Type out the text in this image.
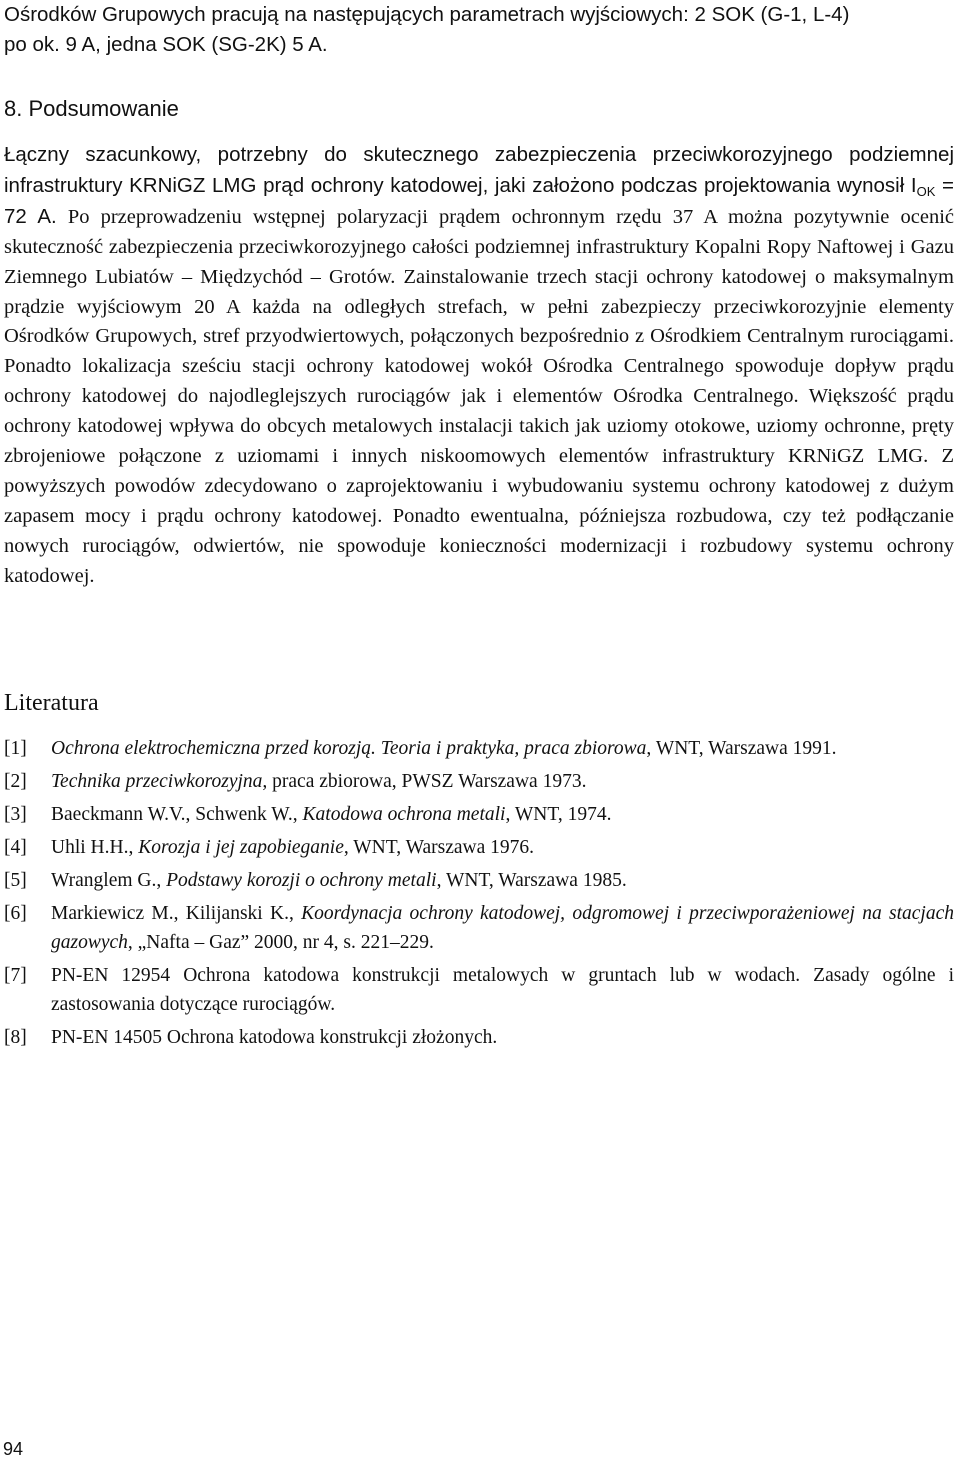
Ośrodków Grupowych pracują na następujących parametrach wyjściowych: 2 SOK (G-1, L-4)
po ok. 9 A, jedna SOK (SG-2K) 5 A.

8. Podsumowanie

Łączny szacunkowy, potrzebny do skutecznego zabezpieczenia przeciwkorozyjnego podziemnej infrastruktury KRNiGZ LMG prąd ochrony katodowej, jaki założono podczas projektowania wynosił $I_{OK} = 72$ A. Po przeprowadzeniu wstępnej polaryzacji prądem ochronnym rzędu 37 A można pozytywnie ocenić skuteczność zabezpieczenia przeciwkorozyjnego całości podziemnej infrastruktury Kopalni Ropy Naftowej i Gazu Ziemnego Lubiatów – Międzychód – Grotów. Zainstalowanie trzech stacji ochrony katodowej o maksymalnym prądzie wyjściowym 20 A każda na odległych strefach, w pełni zabezpieczy przeciwkorozyjnie elementy Ośrodków Grupowych, stref przyodwiertowych, połączonych bezpośrednio z Ośrodkiem Centralnym rurociągami. Ponadto lokalizacja sześciu stacji ochrony katodowej wokół Ośrodka Centralnego spowoduje dopływ prądu ochrony katodowej do najodleglejszych rurociągów jak i elementów Ośrodka Centralnego. Większość prądu ochrony katodowej wpływa do obcych metalowych instalacji takich jak uziomy otokowe, uziomy ochronne, pręty zbrojeniowe połączone z uziomami i innych niskoomowych elementów infrastruktury KRNiGZ LMG. Z powyższych powodów zdecydowano o zaprojektowaniu i wybudowaniu systemu ochrony katodowej z dużym zapasem mocy i prądu ochrony katodowej. Ponadto ewentualna, późniejsza rozbudowa, czy też podłączanie nowych rurociągów, odwiertów, nie spowoduje konieczności modernizacji i rozbudowy systemu ochrony katodowej.

Literatura
[1] Ochrona elektrochemiczna przed korozją. Teoria i praktyka, praca zbiorowa, WNT, Warszawa 1991.
[2] Technika przeciwkorozyjna, praca zbiorowa, PWSZ Warszawa 1973.
[3] Baeckmann W.V., Schwenk W., Katodowa ochrona metali, WNT, 1974.
[4] Uhli H.H., Korozja i jej zapobieganie, WNT, Warszawa 1976.
[5] Wranglem G., Podstawy korozji o ochrony metali, WNT, Warszawa 1985.
[6] Markiewicz M., Kilijanski K., Koordynacja ochrony katodowej, odgromowej i przeciwporażeniowej na stacjach gazowych, „Nafta – Gaz” 2000, nr 4, s. 221–229.
[7] PN-EN 12954 Ochrona katodowa konstrukcji metalowych w gruntach lub w wodach. Zasady ogólne i zastosowania dotyczące rurociągów.
[8] PN-EN 14505 Ochrona katodowa konstrukcji złożonych.
94
